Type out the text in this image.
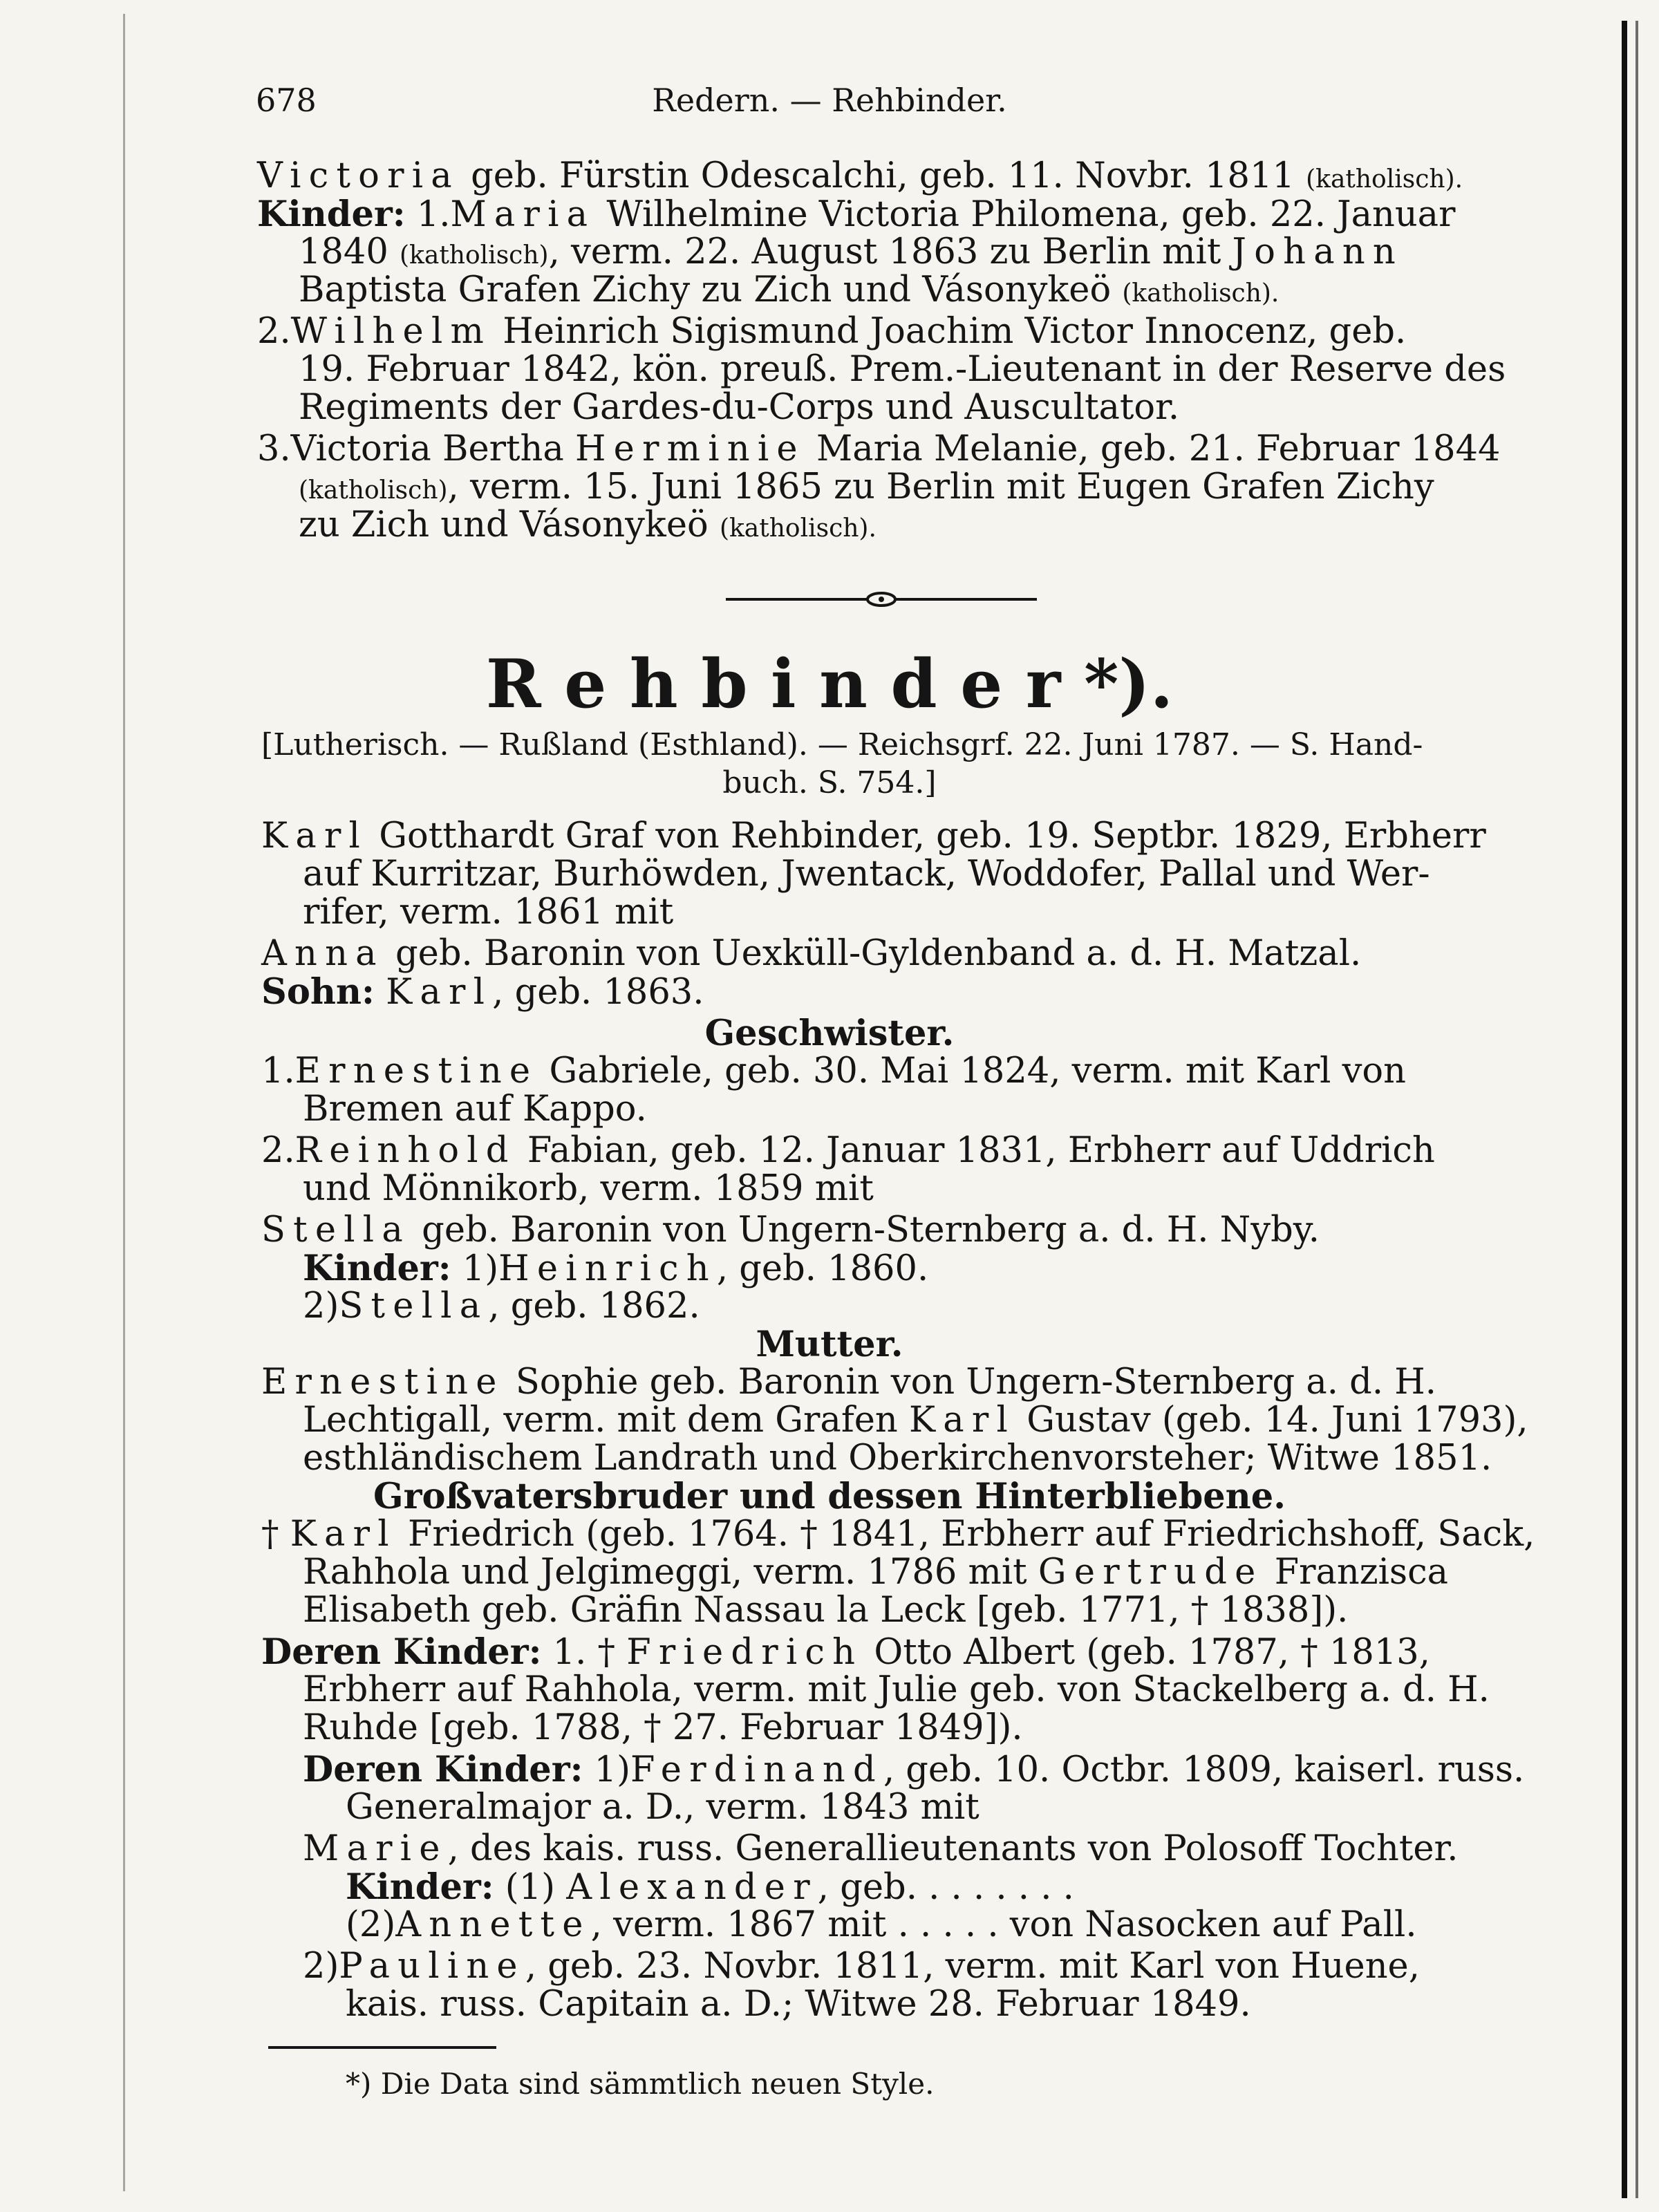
678	Redern. — Rehbinder.
Victoria geb. Fürstin Odescalchi, geb. 11. Novbr. 1811 (katholisch).
Kinder: 1.Maria Wilhelmine Victoria Philomena, geb. 22. Januar
1840 (katholisch), verm. 22. August 1863 zu Berlin mit Johann
Baptista Grafen Zichy zu Zich und Vásonykeö (katholisch).
2.Wilhelm Heinrich Sigismund Joachim Victor Innocenz, geb.
19. Februar 1842, kön. preuß. Prem.-Lieutenant in der Reserve des
Regiments der Gardes-du-Corps und Auscultator.
3.Victoria Bertha Herminie Maria Melanie, geb. 21. Februar 1844
(katholisch), verm. 15. Juni 1865 zu Berlin mit Eugen Grafen Zichy
zu Zich und Vásonykeö (katholisch).
Rehbinder*).
[Lutherisch. — Rußland (Esthland). — Reichsgrf. 22. Juni 1787. — S. Hand-
buch. S. 754.]
Karl Gotthardt Graf von Rehbinder, geb. 19. Septbr. 1829, Erbherr
auf Kurritzar, Burhöwden, Jwentack, Woddofer, Pallal und Wer-
rifer, verm. 1861 mit
Anna geb. Baronin von Uexküll-Gyldenband a. d. H. Matzal.
Sohn: Karl, geb. 1863.
Geschwister.
1.Ernestine Gabriele, geb. 30. Mai 1824, verm. mit Karl von
Bremen auf Kappo.
2.Reinhold Fabian, geb. 12. Januar 1831, Erbherr auf Uddrich
und Mönnikorb, verm. 1859 mit
Stella geb. Baronin von Ungern-Sternberg a. d. H. Nyby.
Kinder: 1)Heinrich, geb. 1860.
2)Stella, geb. 1862.
Mutter.
Ernestine Sophie geb. Baronin von Ungern-Sternberg a. d. H.
Lechtigall, verm. mit dem Grafen Karl Gustav (geb. 14. Juni 1793),
esthländischem Landrath und Oberkirchenvorsteher; Witwe 1851.
Großvatersbruder und dessen Hinterbliebene.
† Karl Friedrich (geb. 1764. † 1841, Erbherr auf Friedrichshoff, Sack,
Rahhola und Jelgimeggi, verm. 1786 mit Gertrude Franzisca
Elisabeth geb. Gräfin Nassau la Leck [geb. 1771, † 1838]).
Deren Kinder: 1. † Friedrich Otto Albert (geb. 1787, † 1813,
Erbherr auf Rahhola, verm. mit Julie geb. von Stackelberg a. d. H.
Ruhde [geb. 1788, † 27. Februar 1849]).
Deren Kinder: 1)Ferdinand, geb. 10. Octbr. 1809, kaiserl. russ.
Generalmajor a. D., verm. 1843 mit
Marie, des kais. russ. Generallieutenants von Polosoff Tochter.
Kinder: (1) Alexander, geb. . . . . . . .
(2)Annette, verm. 1867 mit . . . . . von Nasocken auf Pall.
2)Pauline, geb. 23. Novbr. 1811, verm. mit Karl von Huene,
kais. russ. Capitain a. D.; Witwe 28. Februar 1849.
*) Die Data sind sämmtlich neuen Style.
